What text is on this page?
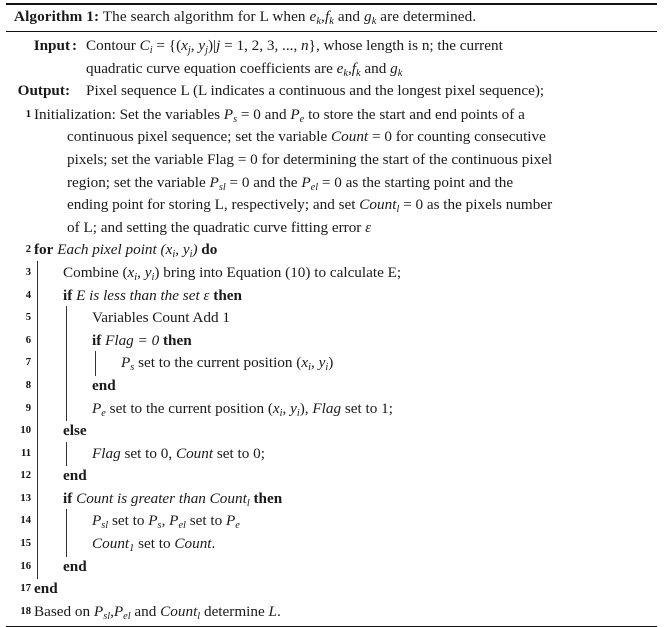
Algorithm 1: The search algorithm for L when $e_k,f_k$ and $g_k$ are determined.
Input : Contour $C_i = \{(x_j$, $y_j)|j = 1$, 2, 3, ..., n}, whose length is n; the current
quadratic curve equation coefficients are $e_k,f_k$ and $g_k$
Output: Pixel sequence L (L indicates a continuous and the longest pixel sequence);
1 Initialization: Set the variables $P_s = 0$ and $P_e$ to store the start and end points of a
continuous pixel sequence; set the variable Count = 0 for counting consecutive
pixels; set the variable Flag = 0 for determining the start of the continuous pixel
region; set the variable $P_{sl} = 0$ and the $P_{el} = 0$ as the starting point and the
ending point for storing L, respectively; and set Count$_l$ = 0 as the pixels number
of L; and setting the quadratic curve fitting error ε
2 for Each pixel point ($x_i$, $y_i$) do
3	Combine ($x_i$, $y_i$) bring into Equation (10) to calculate E;
4	if E is less than the set ε then
5	Variables Count Add 1
6	if Flag = 0 then
7	$P_s$ set to the current position ($x_i$, $y_i$)
8	end
9	$P_e$ set to the current position ($x_i$, $y_i$), Flag set to 1;
10	else
11	Flag set to 0, Count set to 0;
12	end
13	if Count is greater than Count$_l$ then
14	$P_{sl}$ set to $P_s$, $P_{el}$ set to $P_e$
15	Count$_1$ set to Count.
16	end
17 end
18 Based on $P_{sl},P_{el}$ and Count$_l$ determine L.
